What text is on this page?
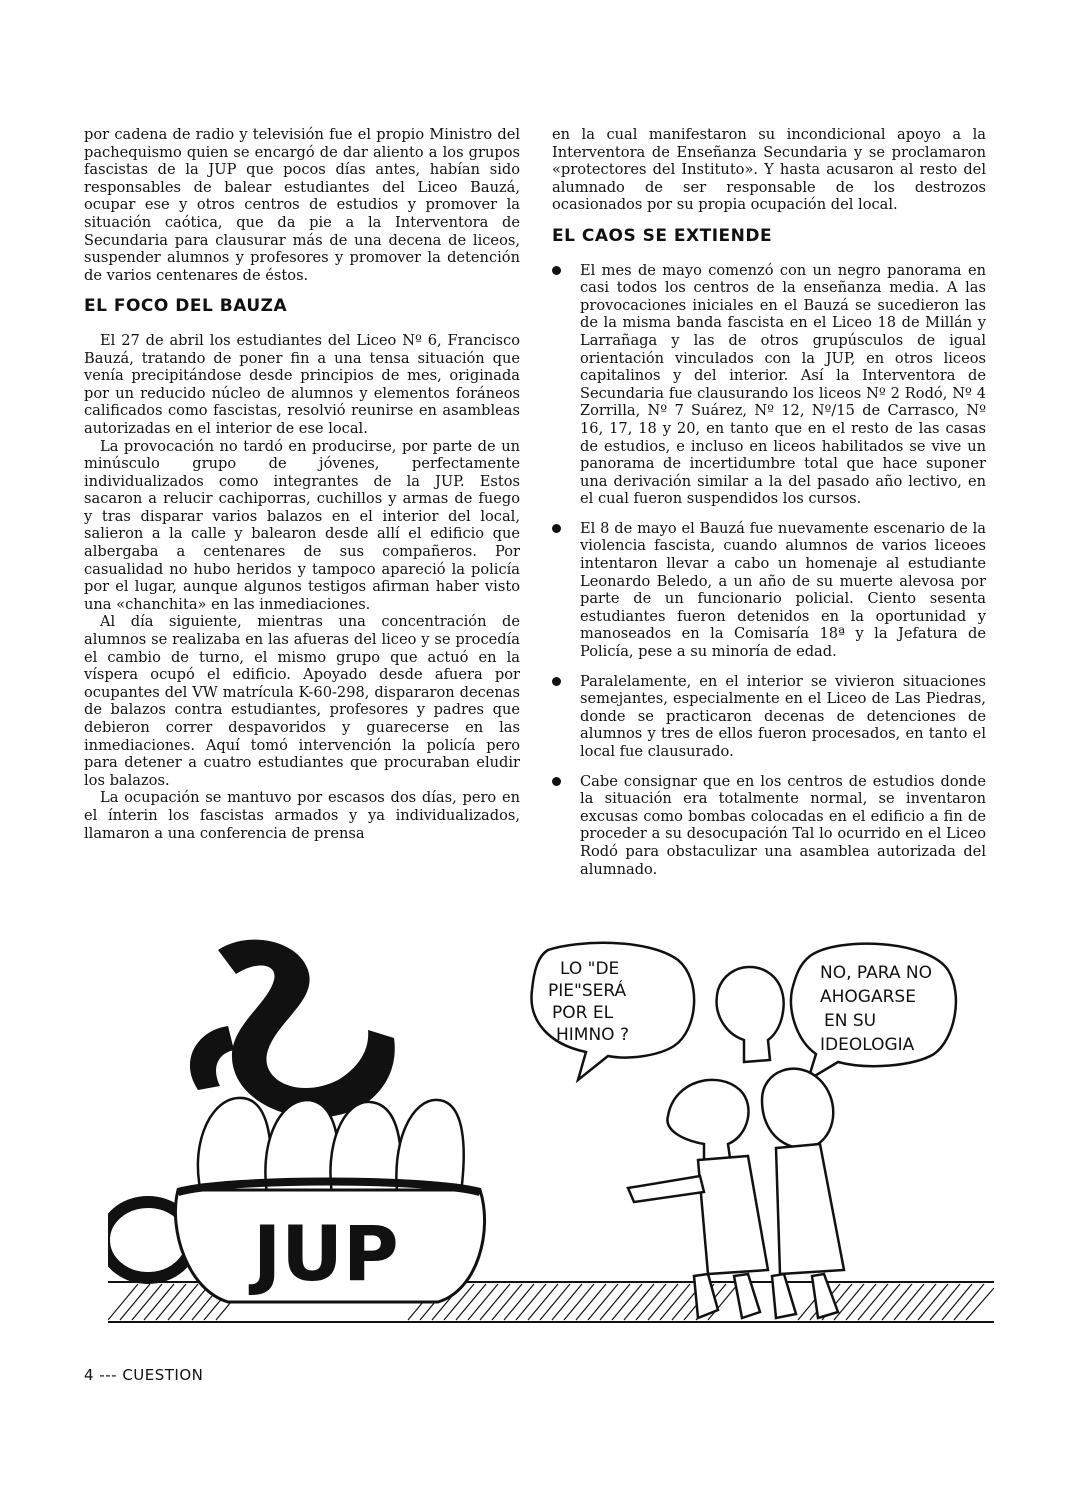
por cadena de radio y televisión fue el propio Ministro del pachequismo quien se encargó de dar aliento a los grupos fascistas de la JUP que pocos días antes, habían sido responsables de balear estudiantes del Liceo Bauzá, ocupar ese y otros centros de estudios y promover la situación caótica, que da pie a la Interventora de Secundaria para clausurar más de una decena de liceos, suspender alumnos y profesores y promover la detención de varios centenares de éstos.

EL FOCO DEL BAUZA

El 27 de abril los estudiantes del Liceo Nº 6, Francisco Bauzá, tratando de poner fin a una tensa situación que venía precipitándose desde principios de mes, originada por un reducido núcleo de alumnos y elementos foráneos calificados como fascistas, resolvió reunirse en asambleas autorizadas en el interior de ese local.

La provocación no tardó en producirse, por parte de un minúsculo grupo de jóvenes, perfectamente individualizados como integrantes de la JUP. Estos sacaron a relucir cachiporras, cuchillos y armas de fuego y tras disparar varios balazos en el interior del local, salieron a la calle y balearon desde allí el edificio que albergaba a centenares de sus compañeros. Por casualidad no hubo heridos y tampoco apareció la policía por el lugar, aunque algunos testigos afirman haber visto una «chanchita» en las inmediaciones.

Al día siguiente, mientras una concentración de alumnos se realizaba en las afueras del liceo y se procedía el cambio de turno, el mismo grupo que actuó en la víspera ocupó el edificio. Apoyado desde afuera por ocupantes del VW matrícula K-60-298, dispararon decenas de balazos contra estudiantes, profesores y padres que debieron correr despavoridos y guarecerse en las inmediaciones. Aquí tomó intervención la policía pero para detener a cuatro estudiantes que procuraban eludir los balazos.

La ocupación se mantuvo por escasos dos días, pero en el ínterin los fascistas armados y ya individualizados, llamaron a una conferencia de prensa

en la cual manifestaron su incondicional apoyo a la Interventora de Enseñanza Secundaria y se proclamaron «protectores del Instituto». Y hasta acusaron al resto del alumnado de ser responsable de los destrozos ocasionados por su propia ocupación del local.

EL CAOS SE EXTIENDE

El mes de mayo comenzó con un negro panorama en casi todos los centros de la enseñanza media. A las provocaciones iniciales en el Bauzá se sucedieron las de la misma banda fascista en el Liceo 18 de Millán y Larrañaga y las de otros grupúsculos de igual orientación vinculados con la JUP, en otros liceos capitalinos y del interior. Así la Interventora de Secundaria fue clausurando los liceos Nº 2 Rodó, Nº 4 Zorrilla, Nº 7 Suárez, Nº 12, Nº/15 de Carrasco, Nº 16, 17, 18 y 20, en tanto que en el resto de las casas de estudios, e incluso en liceos habilitados se vive un panorama de incertidumbre total que hace suponer una derivación similar a la del pasado año lectivo, en el cual fueron suspendidos los cursos.

El 8 de mayo el Bauzá fue nuevamente escenario de la violencia fascista, cuando alumnos de varios liceoes intentaron llevar a cabo un homenaje al estudiante Leonardo Beledo, a un año de su muerte alevosa por parte de un funcionario policial. Ciento sesenta estudiantes fueron detenidos en la oportunidad y manoseados en la Comisaría 18ª y la Jefatura de Policía, pese a su minoría de edad.

Paralelamente, en el interior se vivieron situaciones semejantes, especialmente en el Liceo de Las Piedras, donde se practicaron decenas de detenciones de alumnos y tres de ellos fueron procesados, en tanto el local fue clausurado.

Cabe consignar que en los centros de estudios donde la situación era totalmente normal, se inventaron excusas como bombas colocadas en el edificio a fin de proceder a su desocupación Tal lo ocurrido en el Liceo Rodó para obstaculizar una asamblea autorizada del alumnado.

JUP
LO "DE
PIE"SERÁ
POR EL
HIMNO ?
NO, PARA NO
AHOGARSE
EN SU
IDEOLOGIA
4 --- CUESTION
